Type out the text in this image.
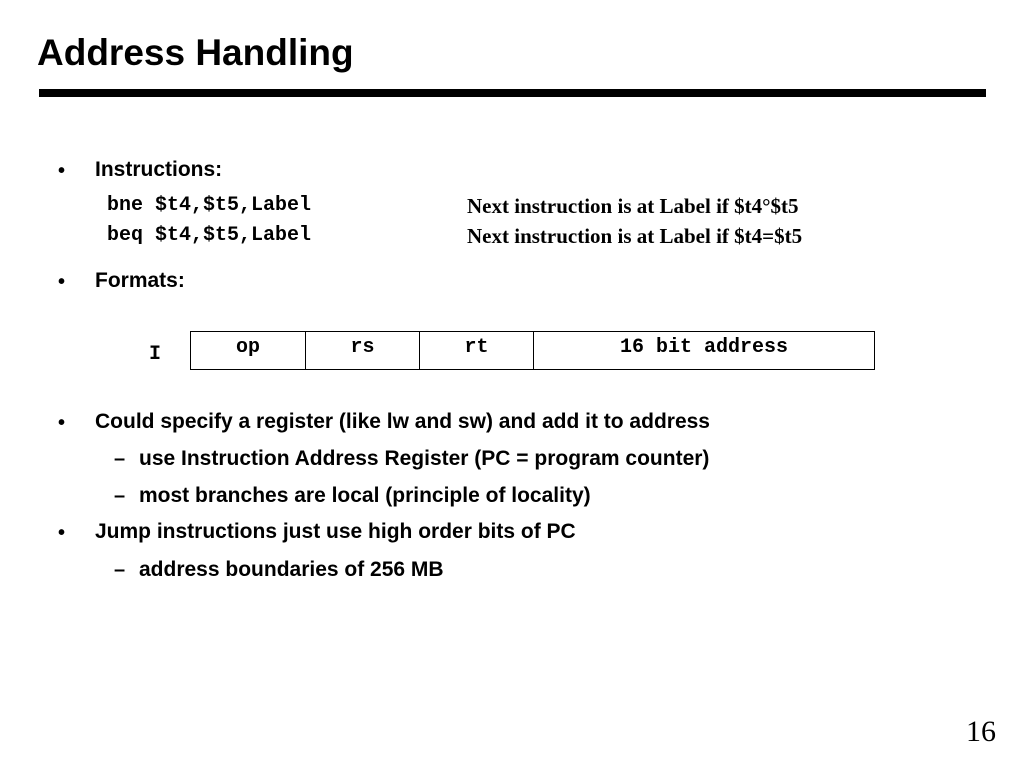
Address Handling
• Instructions:
bne $t4,$t5,Label	Next instruction is at Label if $t4°$t5
beq $t4,$t5,Label	Next instruction is at Label if $t4=$t5
• Formats:
I	op	rs	rt	16 bit address
• Could specify a register (like lw and sw) and add it to address
– use Instruction Address Register (PC = program counter)
– most branches are local (principle of locality)
• Jump instructions just use high order bits of PC
– address boundaries of 256 MB
16
